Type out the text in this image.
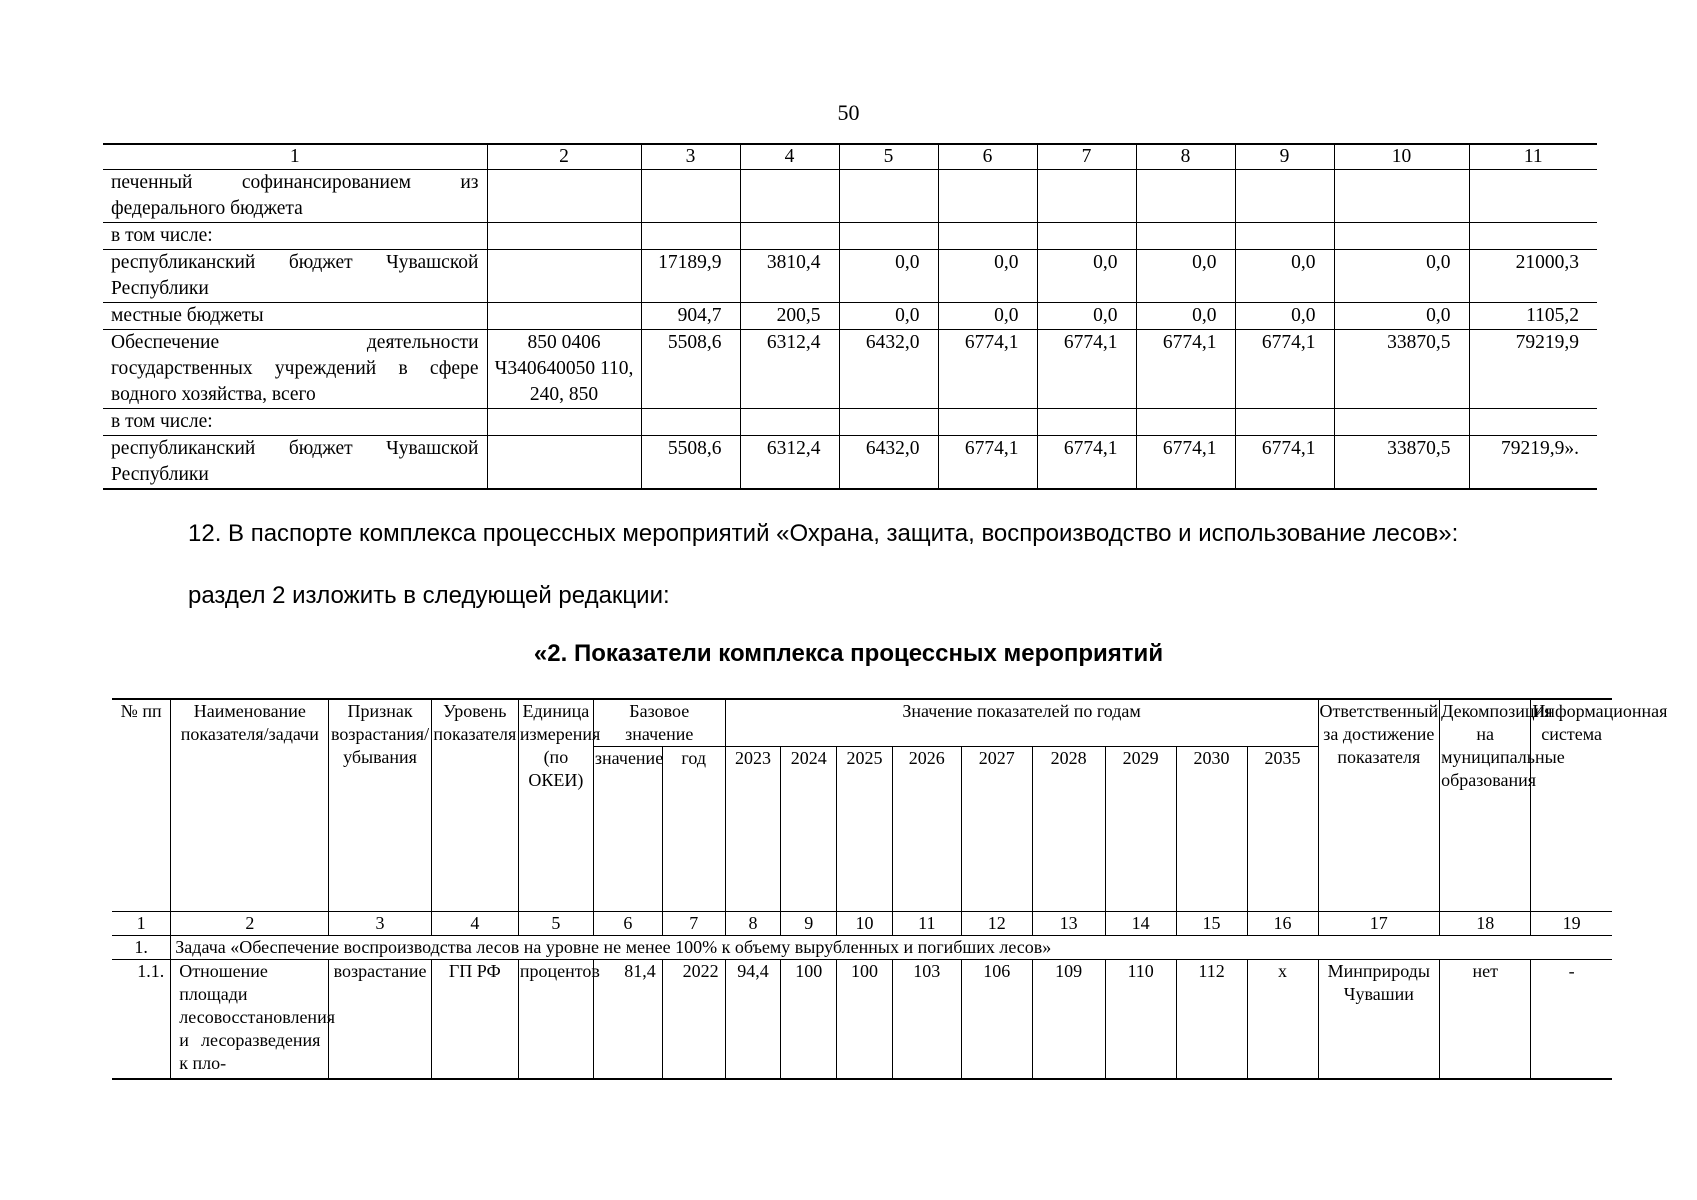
50
1	2	3	4	5	6	7	8	9	10	11
печенный софинансированием из федерального бюджета										
в том числе:										
республиканский бюджет Чувашской Республики		17189,9	3810,4	0,0	0,0	0,0	0,0	0,0	0,0	21000,3
местные бюджеты		904,7	200,5	0,0	0,0	0,0	0,0	0,0	0,0	1105,2
Обеспечение деятельности государственных учреждений в сфере водного хозяйства, всего	850 0406 Ч340640050 110, 240, 850	5508,6	6312,4	6432,0	6774,1	6774,1	6774,1	6774,1	33870,5	79219,9
в том числе:										
республиканский бюджет Чувашской Республики		5508,6	6312,4	6432,0	6774,1	6774,1	6774,1	6774,1	33870,5	79219,9».
12. В паспорте комплекса процессных мероприятий «Охрана, защита, воспроизводство и использование лесов»:
раздел 2 изложить в следующей редакции:
«2. Показатели комплекса процессных мероприятий
№ пп	Наименование показателя/задачи	Признак возрастания/ убывания	Уровень показателя	Единица измерения (по ОКЕИ)	Базовое значение		Значение показателей по годам									Ответственный за достижение показателя	Декомпозиция на муниципальные образования	Информационная система
					значение	год	2023	2024	2025	2026	2027	2028	2029	2030	2035			
1	2	3	4	5	6	7	8	9	10	11	12	13	14	15	16	17	18	19
1.	Задача «Обеспечение воспроизводства лесов на уровне не менее 100% к объему вырубленных и погибших лесов»																	
1.1.	Отношение площади лесовосстановления и лесоразведения к пло-	возрастание	ГП РФ	процентов	81,4	2022	94,4	100	100	103	106	109	110	112	х	Минприроды Чувашии	нет	-
